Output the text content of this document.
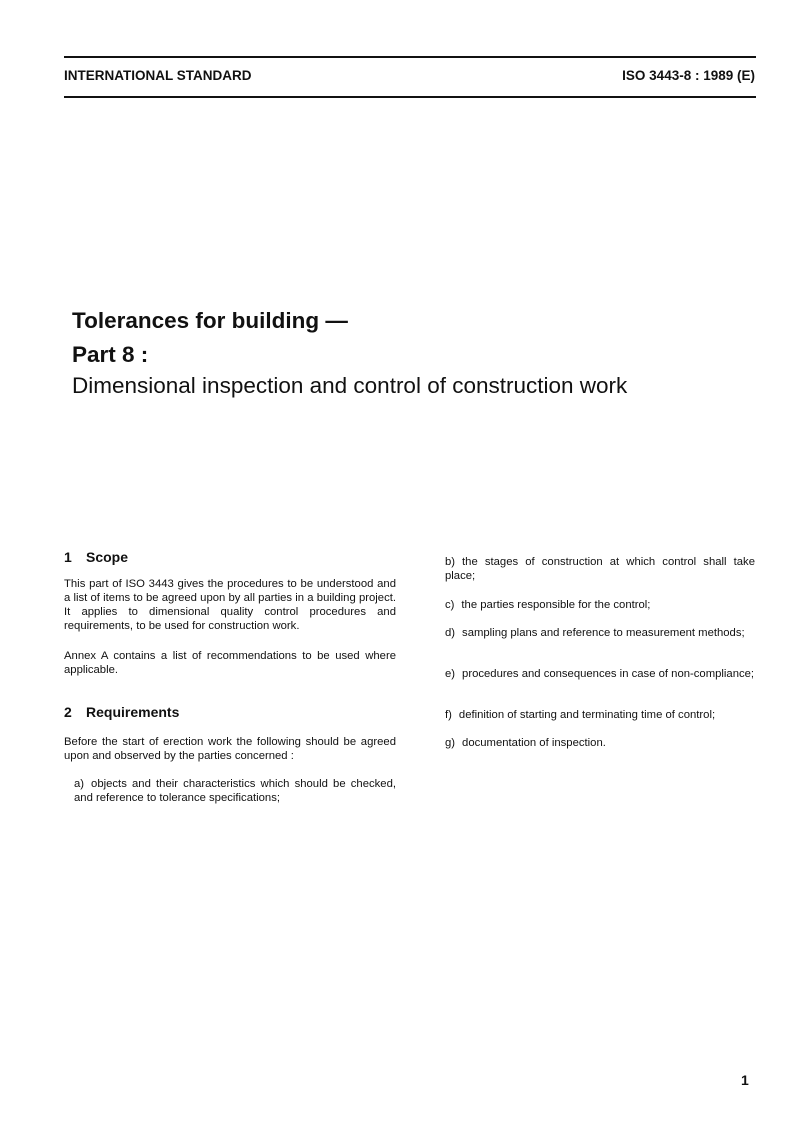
INTERNATIONAL STANDARD	ISO 3443-8 : 1989 (E)
Tolerances for building —
Part 8 :
Dimensional inspection and control of construction work
1 Scope
This part of ISO 3443 gives the procedures to be understood and a list of items to be agreed upon by all parties in a building project. It applies to dimensional quality control procedures and requirements, to be used for construction work.
Annex A contains a list of recommendations to be used where applicable.
2 Requirements
Before the start of erection work the following should be agreed upon and observed by the parties concerned :
a) objects and their characteristics which should be checked, and reference to tolerance specifications;
b) the stages of construction at which control shall take place;
c) the parties responsible for the control;
d) sampling plans and reference to measurement methods;
e) procedures and consequences in case of non-compliance;
f) definition of starting and terminating time of control;
g) documentation of inspection.
1
